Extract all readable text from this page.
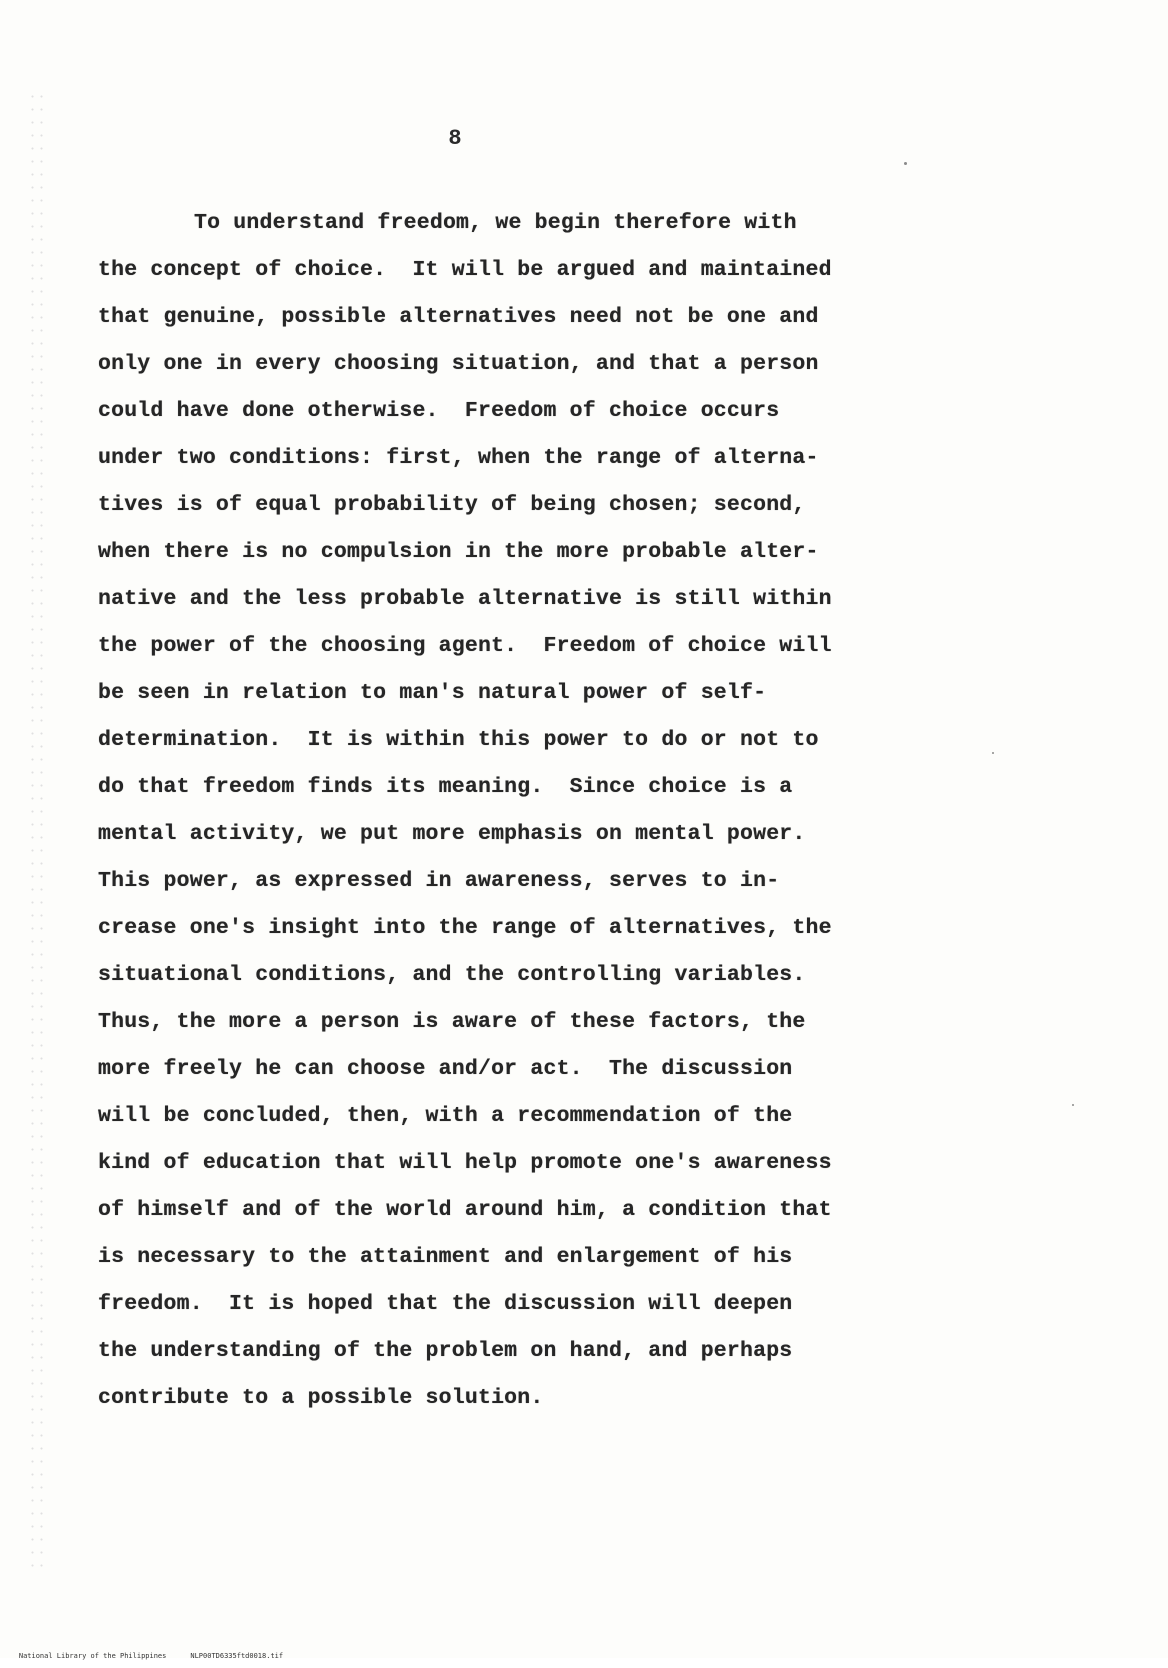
8
To understand freedom, we begin therefore with
the concept of choice.  It will be argued and maintained
that genuine, possible alternatives need not be one and
only one in every choosing situation, and that a person
could have done otherwise.  Freedom of choice occurs
under two conditions: first, when the range of alterna-
tives is of equal probability of being chosen; second,
when there is no compulsion in the more probable alter-
native and the less probable alternative is still within
the power of the choosing agent.  Freedom of choice will
be seen in relation to man's natural power of self-
determination.  It is within this power to do or not to
do that freedom finds its meaning.  Since choice is a
mental activity, we put more emphasis on mental power.
This power, as expressed in awareness, serves to in-
crease one's insight into the range of alternatives, the
situational conditions, and the controlling variables.
Thus, the more a person is aware of these factors, the
more freely he can choose and/or act.  The discussion
will be concluded, then, with a recommendation of the
kind of education that will help promote one's awareness
of himself and of the world around him, a condition that
is necessary to the attainment and enlargement of his
freedom.  It is hoped that the discussion will deepen
the understanding of the problem on hand, and perhaps
contribute to a possible solution.

National Library of the Philippines	NLP00TD6335ftd0018.tif
